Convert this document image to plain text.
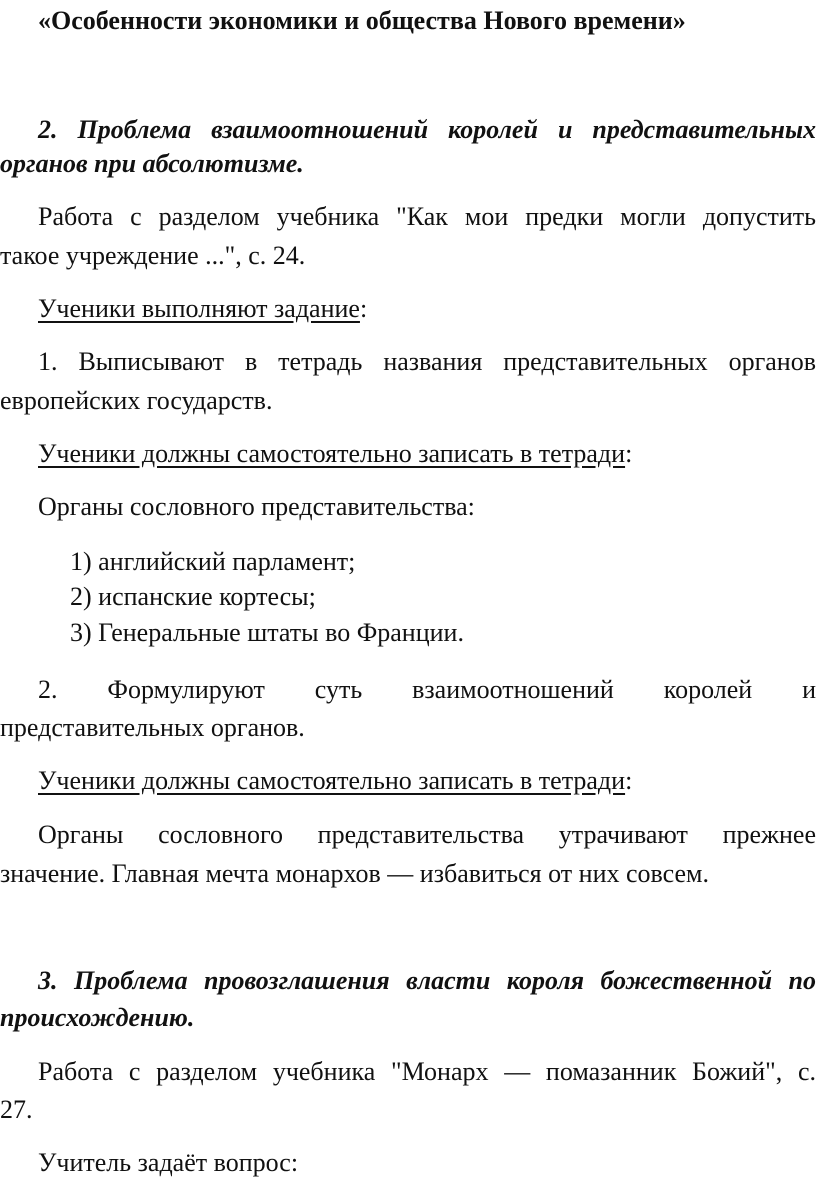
«Особенности экономики и общества Нового времени»

2. Проблема взаимоотношений королей и представительных

органов при абсолютизме.

Работа с разделом учебника "Как мои предки могли допустить

такое учреждение ...", с. 24.

Ученики выполняют задание:

1. Выписывают в тетрадь названия представительных органов

европейских государств.

Ученики должны самостоятельно записать в тетради:

Органы сословного представительства:

1) английский парламент;

2) испанские кортесы;

3) Генеральные штаты во Франции.

2. Формулируют суть взаимоотношений королей и

представительных органов.

Ученики должны самостоятельно записать в тетради:

Органы сословного представительства утрачивают прежнее

значение. Главная мечта монархов — избавиться от них совсем.

3. Проблема провозглашения власти короля божественной по

происхождению.

Работа с разделом учебника "Монарх — помазанник Божий", с.

27.

Учитель задаёт вопрос:
